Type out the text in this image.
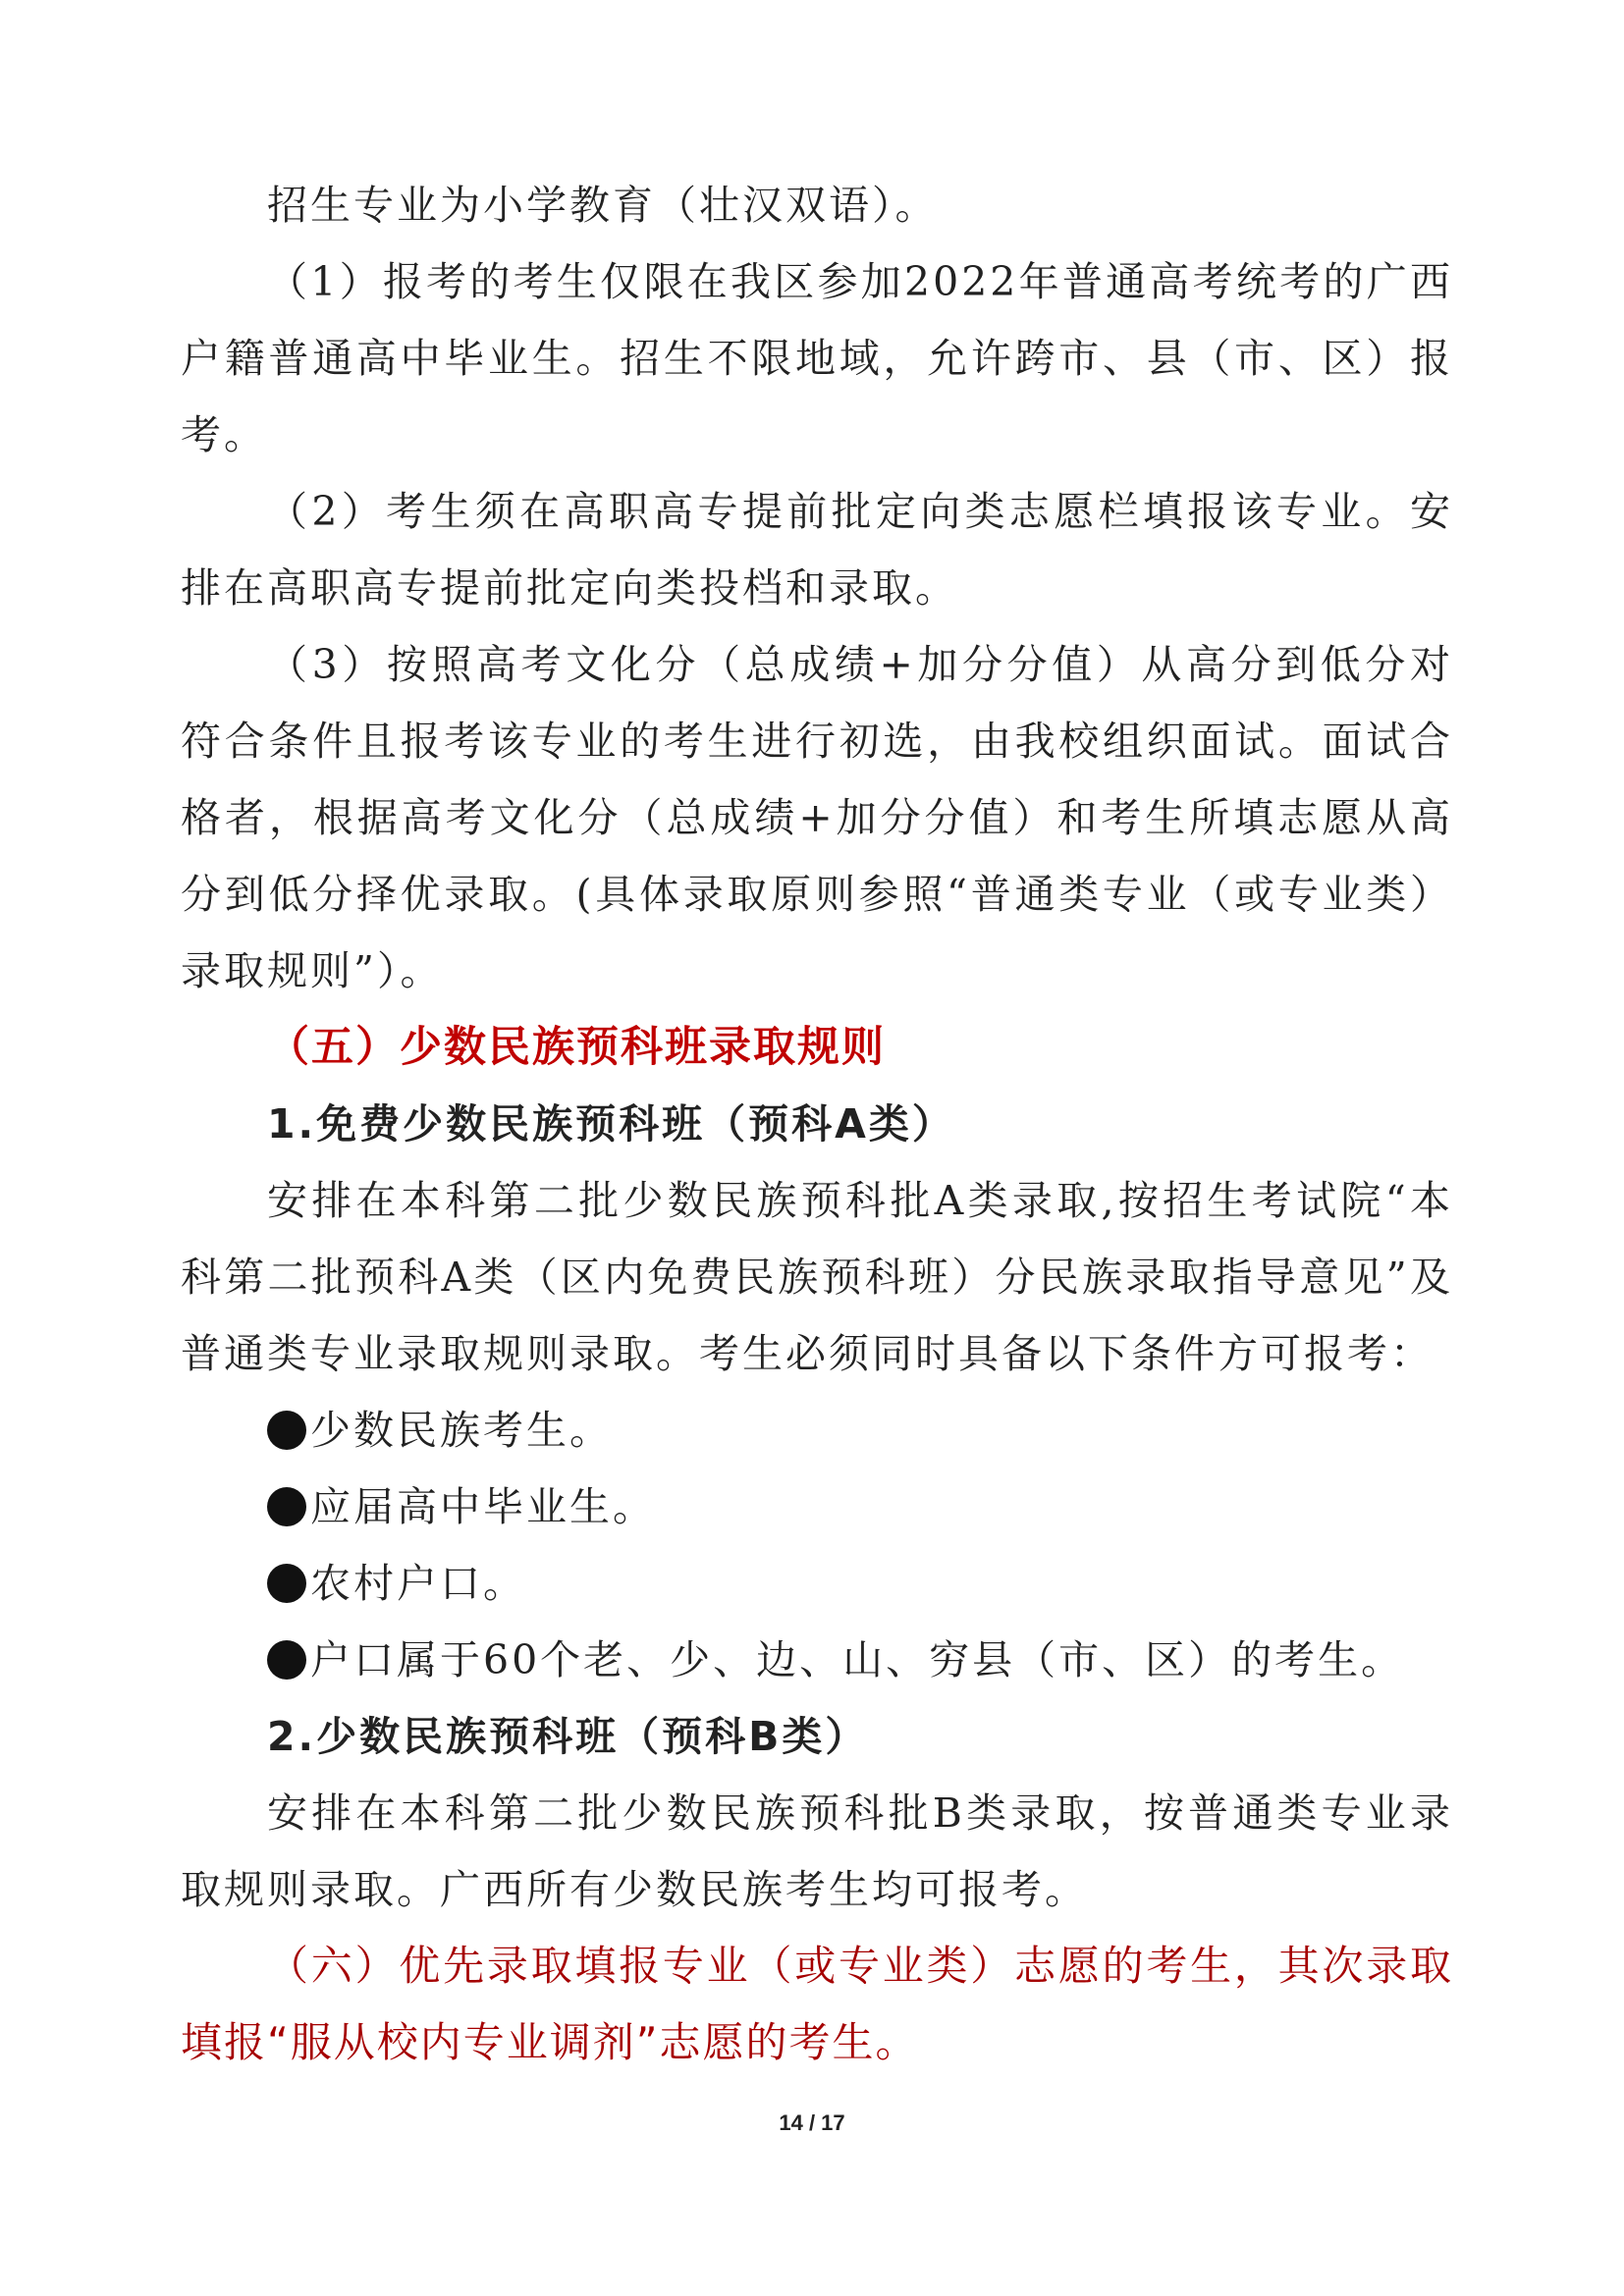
招生专业为小学教育（壮汉双语）。

（1）报考的考生仅限在我区参加2022年普通高考统考的广西户籍普通高中毕业生。招生不限地域，允许跨市、县（市、区）报考。

（2）考生须在高职高专提前批定向类志愿栏填报该专业。安排在高职高专提前批定向类投档和录取。

（3）按照高考文化分（总成绩+加分分值）从高分到低分对符合条件且报考该专业的考生进行初选，由我校组织面试。面试合格者，根据高考文化分（总成绩+加分分值）和考生所填志愿从高分到低分择优录取。(具体录取原则参照“普通类专业（或专业类）录取规则”）。

（五）少数民族预科班录取规则

1.免费少数民族预科班（预科A类）

安排在本科第二批少数民族预科批A类录取,按招生考试院“本科第二批预科A类（区内免费民族预科班）分民族录取指导意见”及普通类专业录取规则录取。考生必须同时具备以下条件方可报考：

少数民族考生。

应届高中毕业生。

农村户口。

户口属于60个老、少、边、山、穷县（市、区）的考生。

2.少数民族预科班（预科B类）

安排在本科第二批少数民族预科批B类录取，按普通类专业录取规则录取。广西所有少数民族考生均可报考。

（六）优先录取填报专业（或专业类）志愿的考生，其次录取填报“服从校内专业调剂”志愿的考生。

14 / 17
